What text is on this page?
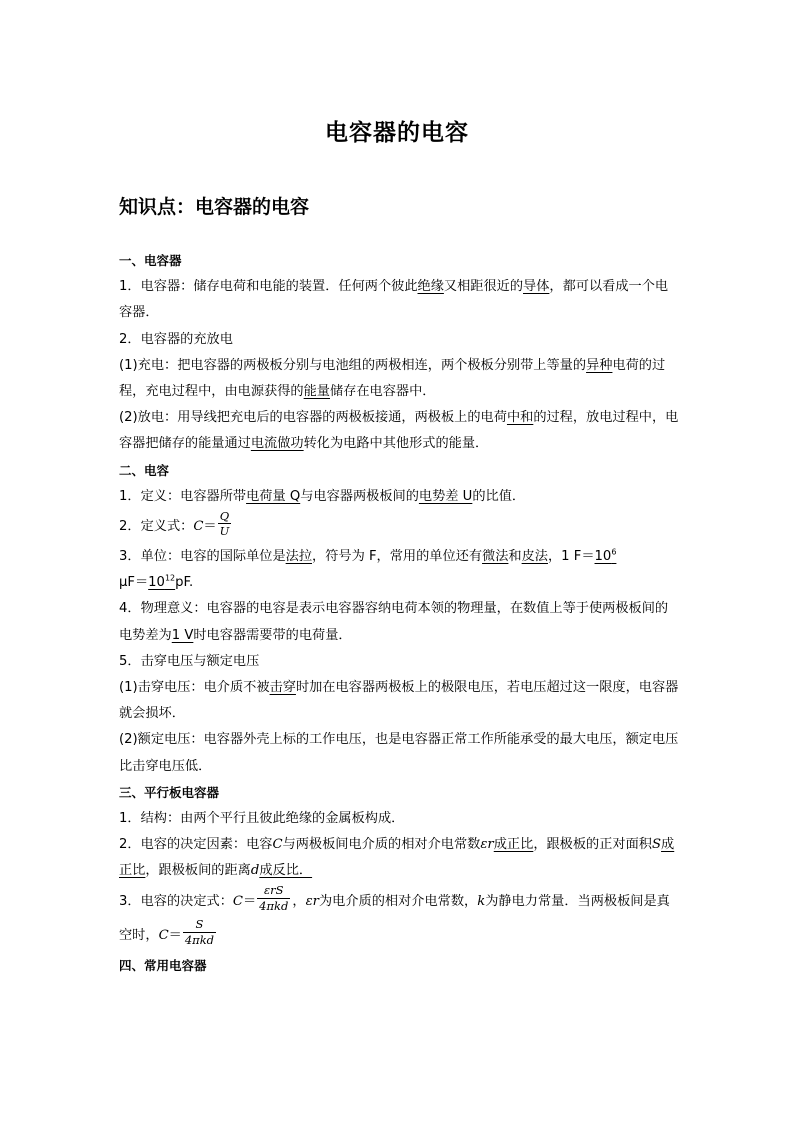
电容器的电容
知识点：电容器的电容

一、电容器

1．电容器：储存电荷和电能的装置．任何两个彼此绝缘又相距很近的导体，都可以看成一个电容器．

2．电容器的充放电

(1)充电：把电容器的两极板分别与电池组的两极相连，两个极板分别带上等量的异种电荷的过程，充电过程中，由电源获得的能量储存在电容器中．

(2)放电：用导线把充电后的电容器的两极板接通，两极板上的电荷中和的过程，放电过程中，电容器把储存的能量通过电流做功转化为电路中其他形式的能量．

二、电容

1．定义：电容器所带电荷量 Q与电容器两极板间的电势差 U的比值．

2．定义式：$C= \frac{Q}{U}$

3．单位：电容的国际单位是法拉，符号为 F，常用的单位还有微法和皮法，1 $F=10^6$
$\mu F=10^{12}pF$.

4．物理意义：电容器的电容是表示电容器容纳电荷本领的物理量，在数值上等于使两极板间的电势差为1 V时电容器需要带的电荷量．

5．击穿电压与额定电压

(1)击穿电压：电介质不被击穿时加在电容器两极板上的极限电压，若电压超过这一限度，电容器就会损坏．

(2)额定电压：电容器外壳上标的工作电压，也是电容器正常工作所能承受的最大电压，额定电压比击穿电压低．

三、平行板电容器

1．结构：由两个平行且彼此绝缘的金属板构成．

2．电容的决定因素：电容C与两极板间电介质的相对介电常数εr成正比，跟极板的正对面积S成正比，跟极板间的距离d成反比．

3．电容的决定式：$C= \frac{\text{εrS}}{\text{4πkd}}$ ，εr为电介质的相对介电常数，k为静电力常量．当两极板间是真空时，$C= \frac{S}{\text{4πkd}}$

四、常用电容器
